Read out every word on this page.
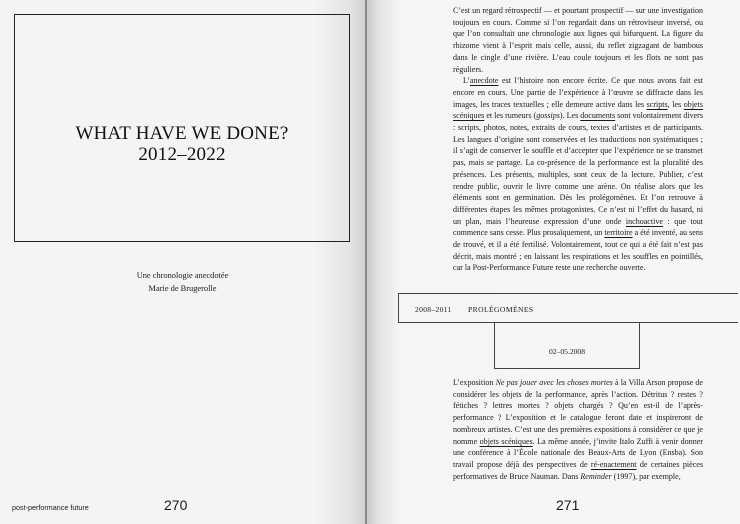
WHAT HAVE WE DONE?
2012–2022
Une chronologie anecdotée
Marie de Brugerolle
post-performance future	270

C’est un regard rétrospectif — et pourtant prospectif — sur une investigation toujours en cours. Comme si l’on regardait dans un rétroviseur inversé, ou que l’on consultait une chronologie aux lignes qui bifurquent. La figure du rhizome vient à l’esprit mais celle, aussi, du reflet zigzagant de bambous dans le cingle d’une rivière. L’eau coule toujours et les flots ne sont pas réguliers.

L’anecdote est l’histoire non encore écrite. Ce que nous avons fait est encore en cours. Une partie de l’expérience à l’œuvre se diffracte dans les images, les traces textuelles ; elle demeure active dans les scripts, les objets scéniques et les rumeurs (gossips). Les documents sont volontairement divers : scripts, photos, notes, extraits de cours, textes d’artistes et de participants. Les langues d’origine sont conservées et les traductions non systématiques ; il s’agit de conserver le souffle et d’accepter que l’expérience ne se transmet pas, mais se partage. La co-présence de la performance est la pluralité des présences. Les présents, multiples, sont ceux de la lecture. Publier, c’est rendre public, ouvrir le livre comme une arène. On réalise alors que les éléments sont en germination. Dès les prolégomènes. Et l’on retrouve à différentes étapes les mêmes protagonistes. Ce n’est ni l’effet du hasard, ni un plan, mais l’heureuse expression d’une onde inchoactive : que tout commence sans cesse. Plus prosaïquement, un territoire a été inventé, au sens de trouvé, et il a été fertilisé. Volontairement, tout ce qui a été fait n’est pas décrit, mais montré ; en laissant les respirations et les souffles en pointillés, car la Post-Performance Future reste une recherche ouverte.

2008–2011 PROLÉGOMÈNES
02–05.2008

L’exposition Ne pas jouer avec les choses mortes à la Villa Arson propose de considérer les objets de la performance, après l’action. Détritus ? restes ? fétiches ? lettres mortes ? objets chargés ? Qu’en est-il de l’après-performance ? L’exposition et le catalogue feront date et inspireront de nombreux artistes. C’est une des premières expositions à considérer ce que je nomme objets scéniques. La même année, j’invite Italo Zuffi à venir donner une conférence à l’École nationale des Beaux-Arts de Lyon (Ensba). Son travail propose déjà des perspectives de ré-enactement de certaines pièces performatives de Bruce Nauman. Dans Reminder (1997), par exemple,

271
